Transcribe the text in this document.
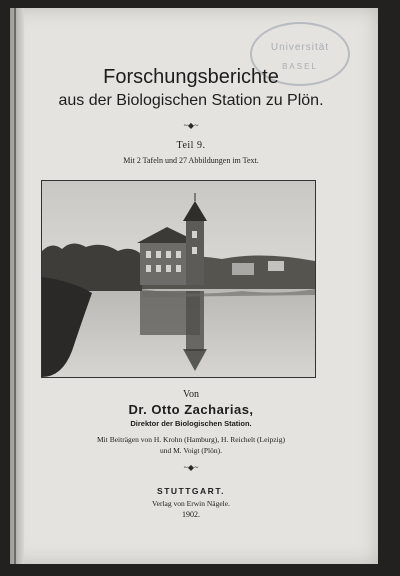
Universität
BASEL
Forschungsberichte
aus der Biologischen Station zu Plön.
~◆~
Teil 9.
Mit 2 Tafeln und 27 Abbildungen im Text.
Von
Dr. Otto Zacharias,
Direktor der Biologischen Station.
Mit Beiträgen von H. Krohn (Hamburg), H. Reichelt (Leipzig)
und M. Voigt (Plön).
~◆~
STUTTGART.
Verlag von Erwin Nägele.
1902.
